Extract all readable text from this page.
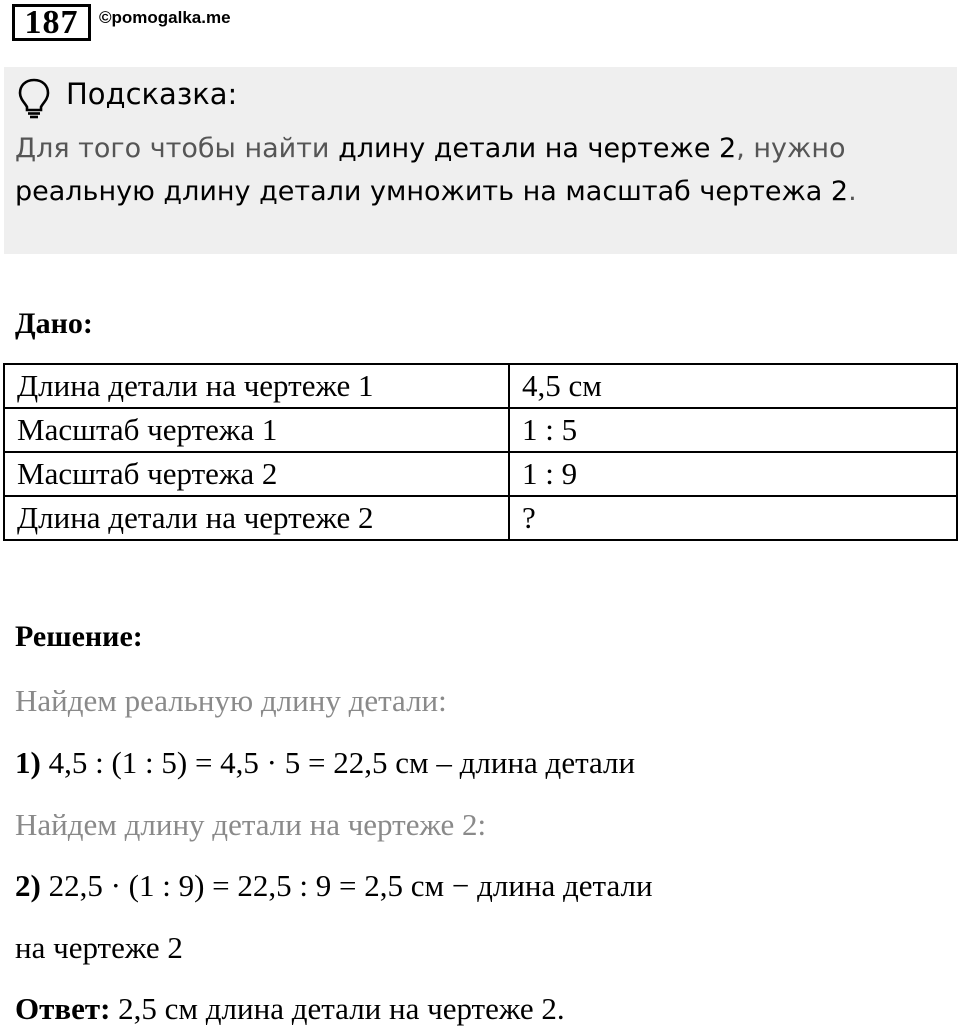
187	©pomogalka.me
Подсказка:
Для того чтобы найти длину детали на чертеже 2, нужно реальную длину детали умножить на масштаб чертежа 2.
Дано:
Длина детали на чертеже 1	4,5 см
Масштаб чертежа 1	1 : 5
Масштаб чертежа 2	1 : 9
Длина детали на чертеже 2	?
Решение:
Найдем реальную длину детали:
1) 4,5 : (1 : 5) = 4,5 · 5 = 22,5 см – длина детали
Найдем длину детали на чертеже 2:
2) 22,5 · (1 : 9) = 22,5 : 9 = 2,5 см − длина детали
на чертеже 2
Ответ: 2,5 см длина детали на чертеже 2.
